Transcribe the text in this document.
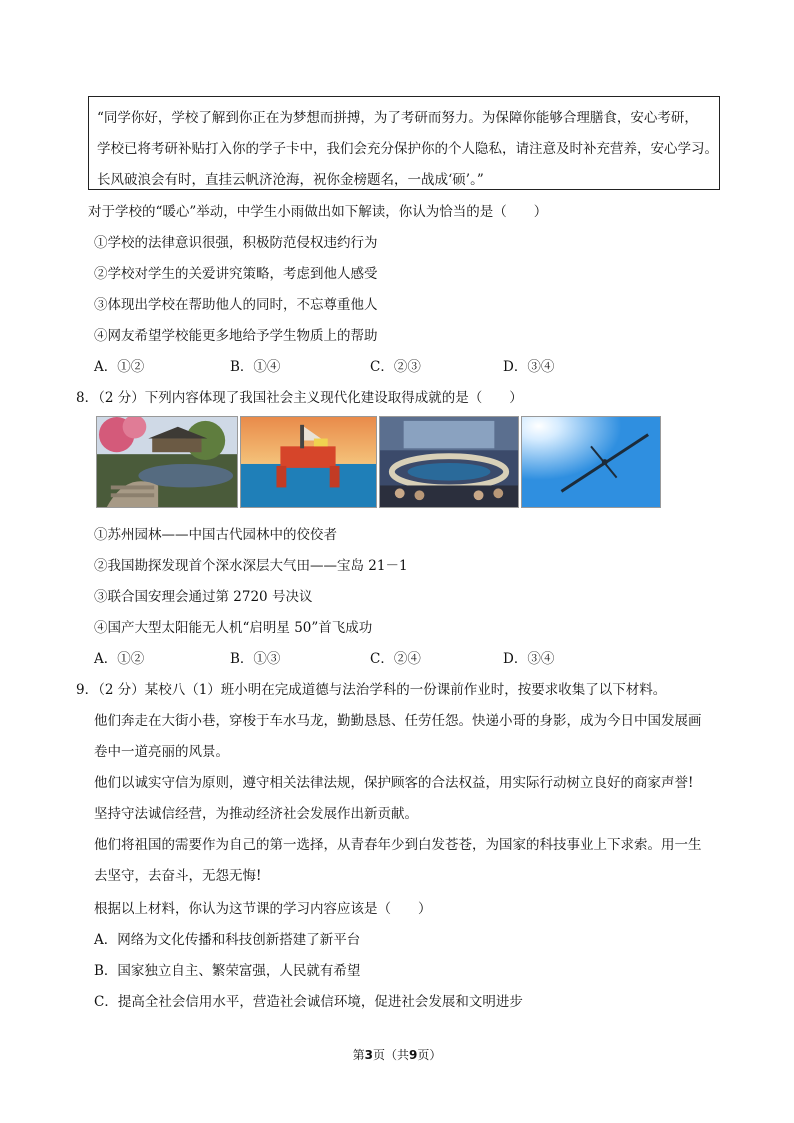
“同学你好，学校了解到你正在为梦想而拼搏，为了考研而努力。为保障你能够合理膳食，安心考研，

学校已将考研补贴打入你的学子卡中，我们会充分保护你的个人隐私，请注意及时补充营养，安心学习。

长风破浪会有时，直挂云帆济沧海，祝你金榜题名，一战成‘硕’。”

对于学校的“暖心”举动，中学生小雨做出如下解读，你认为恰当的是（　　）
①学校的法律意识很强，积极防范侵权违约行为
②学校对学生的关爱讲究策略，考虑到他人感受
③体现出学校在帮助他人的同时，不忘尊重他人
④网友希望学校能更多地给予学生物质上的帮助
A．①②	B．①④	C．②③	D．③④
8．（2 分）下列内容体现了我国社会主义现代化建设取得成就的是（　　）
①苏州园林——中国古代园林中的佼佼者
②我国勘探发现首个深水深层大气田——宝岛 21－1
③联合国安理会通过第 2720 号决议
④国产大型太阳能无人机“启明星 50”首飞成功
A．①②	B．①③	C．②④	D．③④
9．（2 分）某校八（1）班小明在完成道德与法治学科的一份课前作业时，按要求收集了以下材料。
他们奔走在大街小巷，穿梭于车水马龙，勤勤恳恳、任劳任怨。快递小哥的身影，成为今日中国发展画
卷中一道亮丽的风景。
他们以诚实守信为原则，遵守相关法律法规，保护顾客的合法权益，用实际行动树立良好的商家声誉!
坚持守法诚信经营，为推动经济社会发展作出新贡献。
他们将祖国的需要作为自己的第一选择，从青春年少到白发苍苍，为国家的科技事业上下求索。用一生
去坚守，去奋斗，无怨无悔!
根据以上材料，你认为这节课的学习内容应该是（　　）
A．网络为文化传播和科技创新搭建了新平台
B．国家独立自主、繁荣富强，人民就有希望
C．提高全社会信用水平，营造社会诚信环境，促进社会发展和文明进步
第3页（共9页）
